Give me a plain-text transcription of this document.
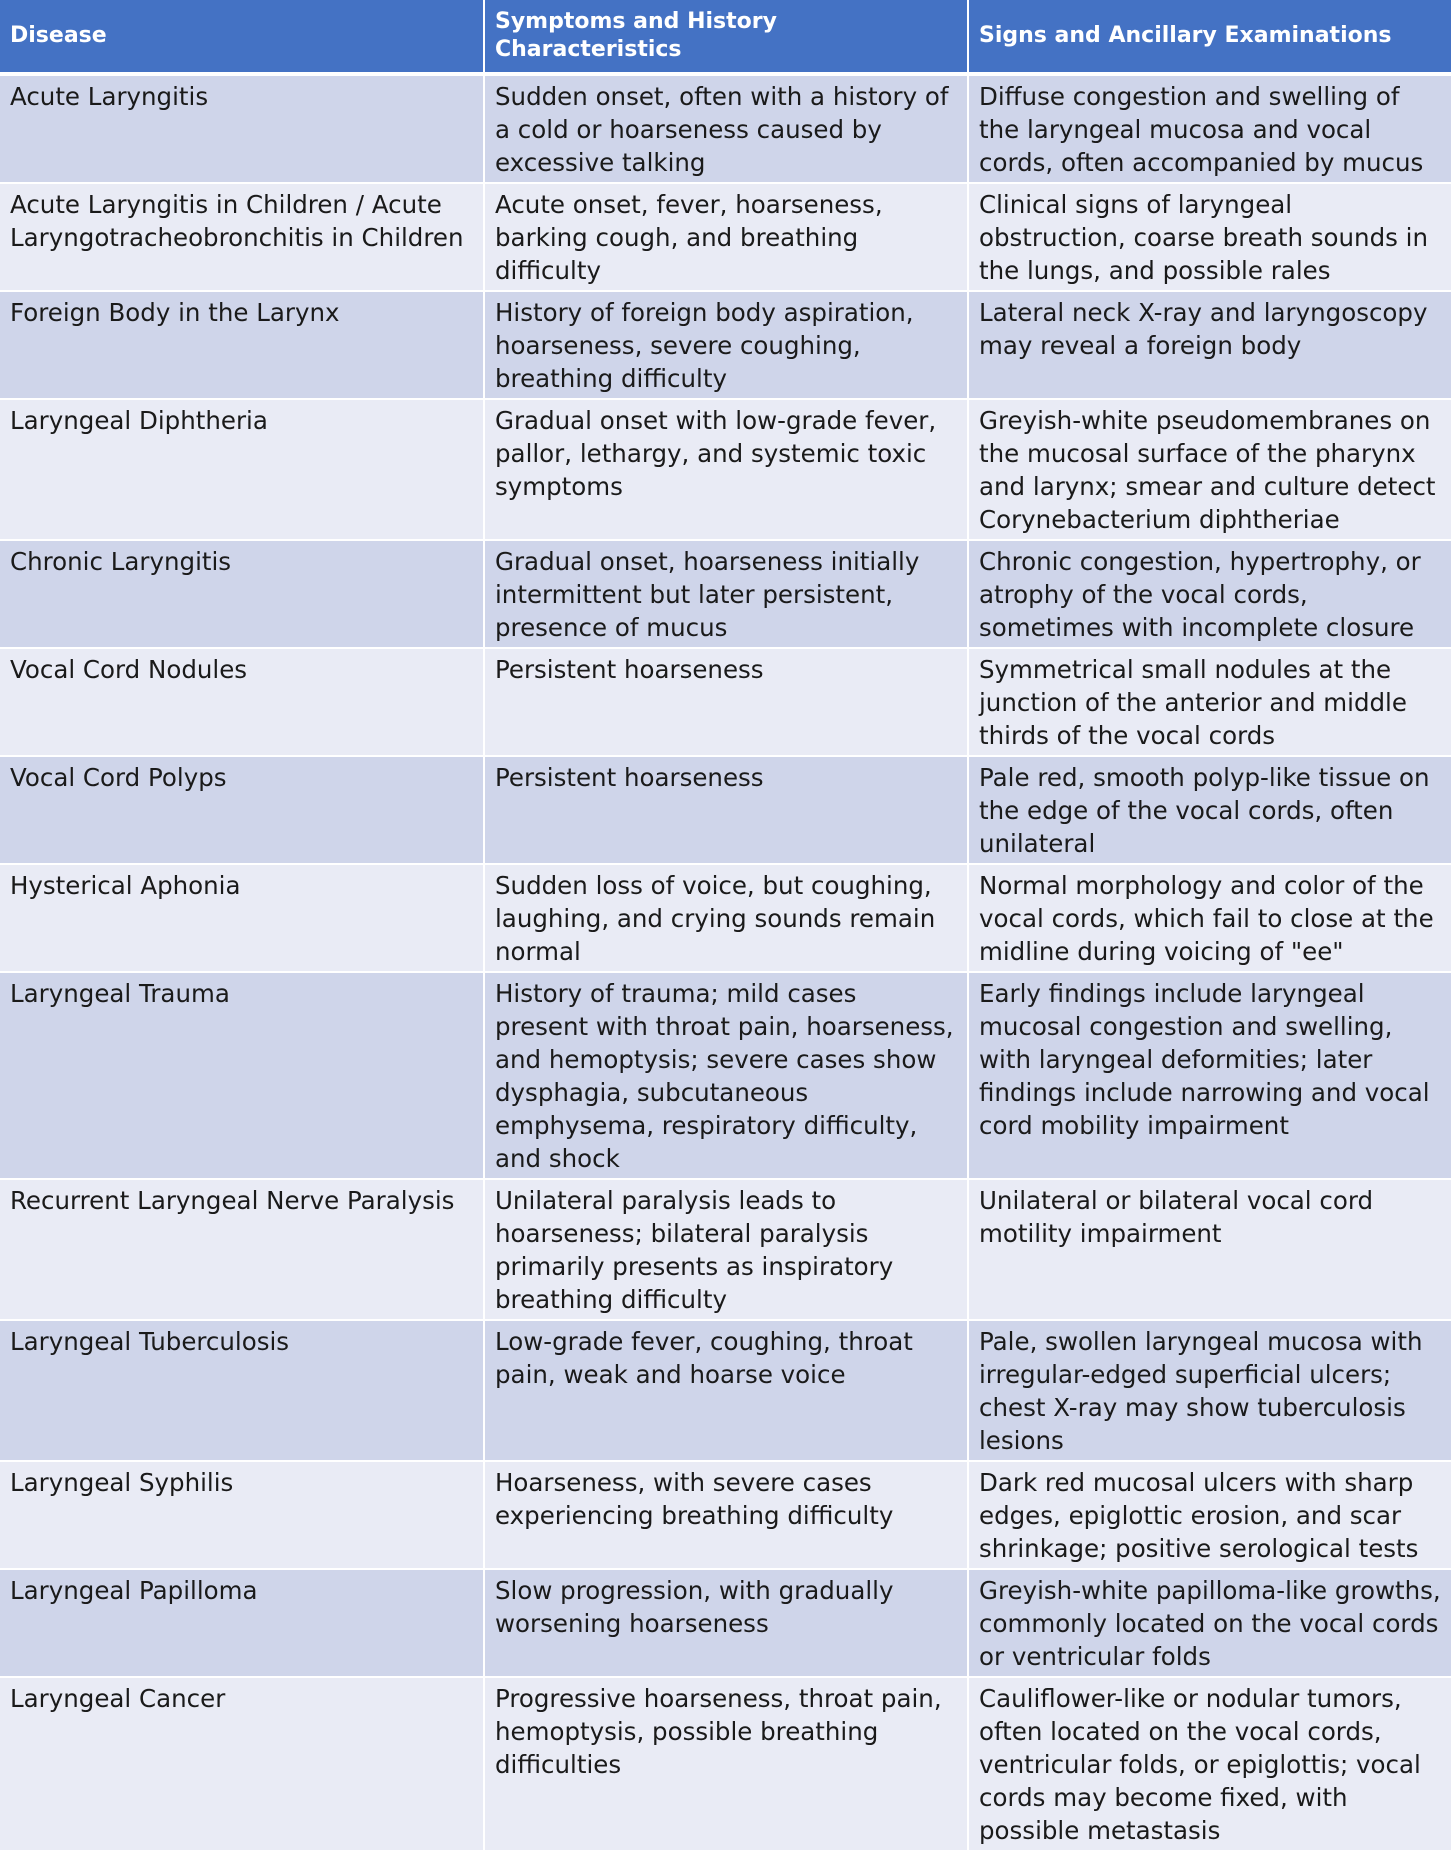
Disease	Symptoms and History Characteristics	Signs and Ancillary Examinations
Acute Laryngitis	Sudden onset, often with a history of a cold or hoarseness caused by excessive talking	Diffuse congestion and swelling of the laryngeal mucosa and vocal cords, often accompanied by mucus
Acute Laryngitis in Children / Acute Laryngotracheobronchitis in Children	Acute onset, fever, hoarseness, barking cough, and breathing difficulty	Clinical signs of laryngeal obstruction, coarse breath sounds in the lungs, and possible rales
Foreign Body in the Larynx	History of foreign body aspiration, hoarseness, severe coughing, breathing difficulty	Lateral neck X-ray and laryngoscopy may reveal a foreign body
Laryngeal Diphtheria	Gradual onset with low-grade fever, pallor, lethargy, and systemic toxic symptoms	Greyish-white pseudomembranes on the mucosal surface of the pharynx and larynx; smear and culture detect Corynebacterium diphtheriae
Chronic Laryngitis	Gradual onset, hoarseness initially intermittent but later persistent, presence of mucus	Chronic congestion, hypertrophy, or atrophy of the vocal cords, sometimes with incomplete closure
Vocal Cord Nodules	Persistent hoarseness	Symmetrical small nodules at the junction of the anterior and middle thirds of the vocal cords
Vocal Cord Polyps	Persistent hoarseness	Pale red, smooth polyp-like tissue on the edge of the vocal cords, often unilateral
Hysterical Aphonia	Sudden loss of voice, but coughing, laughing, and crying sounds remain normal	Normal morphology and color of the vocal cords, which fail to close at the midline during voicing of "ee"
Laryngeal Trauma	History of trauma; mild cases present with throat pain, hoarseness, and hemoptysis; severe cases show dysphagia, subcutaneous emphysema, respiratory difficulty, and shock	Early findings include laryngeal mucosal congestion and swelling, with laryngeal deformities; later findings include narrowing and vocal cord mobility impairment
Recurrent Laryngeal Nerve Paralysis	Unilateral paralysis leads to hoarseness; bilateral paralysis primarily presents as inspiratory breathing difficulty	Unilateral or bilateral vocal cord motility impairment
Laryngeal Tuberculosis	Low-grade fever, coughing, throat pain, weak and hoarse voice	Pale, swollen laryngeal mucosa with irregular-edged superficial ulcers; chest X-ray may show tuberculosis lesions
Laryngeal Syphilis	Hoarseness, with severe cases experiencing breathing difficulty	Dark red mucosal ulcers with sharp edges, epiglottic erosion, and scar shrinkage; positive serological tests
Laryngeal Papilloma	Slow progression, with gradually worsening hoarseness	Greyish-white papilloma-like growths, commonly located on the vocal cords or ventricular folds
Laryngeal Cancer	Progressive hoarseness, throat pain, hemoptysis, possible breathing difficulties	Cauliflower-like or nodular tumors, often located on the vocal cords, ventricular folds, or epiglottis; vocal cords may become fixed, with possible metastasis
